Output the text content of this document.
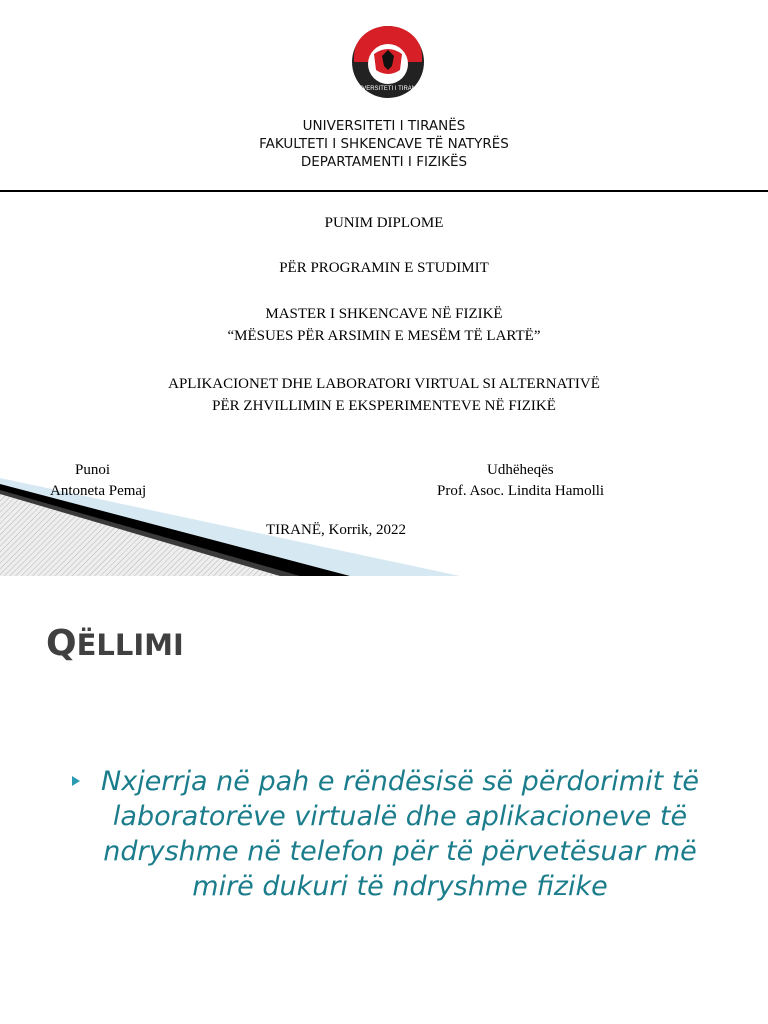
UNIVERSITETI I TIRANËS
UNIVERSITETI I TIRANËS
FAKULTETI I SHKENCAVE TË NATYRËS
DEPARTAMENTI I FIZIKËS
PUNIM DIPLOME
PËR PROGRAMIN E STUDIMIT
MASTER I SHKENCAVE NË FIZIKË
“MËSUES PËR ARSIMIN E MESËM TË LARTË”
APLIKACIONET DHE LABORATORI VIRTUAL SI ALTERNATIVË
PËR ZHVILLIMIN E EKSPERIMENTEVE NË FIZIKË
Punoi
Antoneta Pemaj
Udhëheqës
Prof. Asoc. Lindita Hamolli
TIRANË, Korrik, 2022
QËLLIMI
Nxjerrja në pah e rëndësisë së përdorimit të laboratorëve virtualë dhe aplikacioneve të ndryshme në telefon për të përvetësuar më mirë dukuri të ndryshme fizike
